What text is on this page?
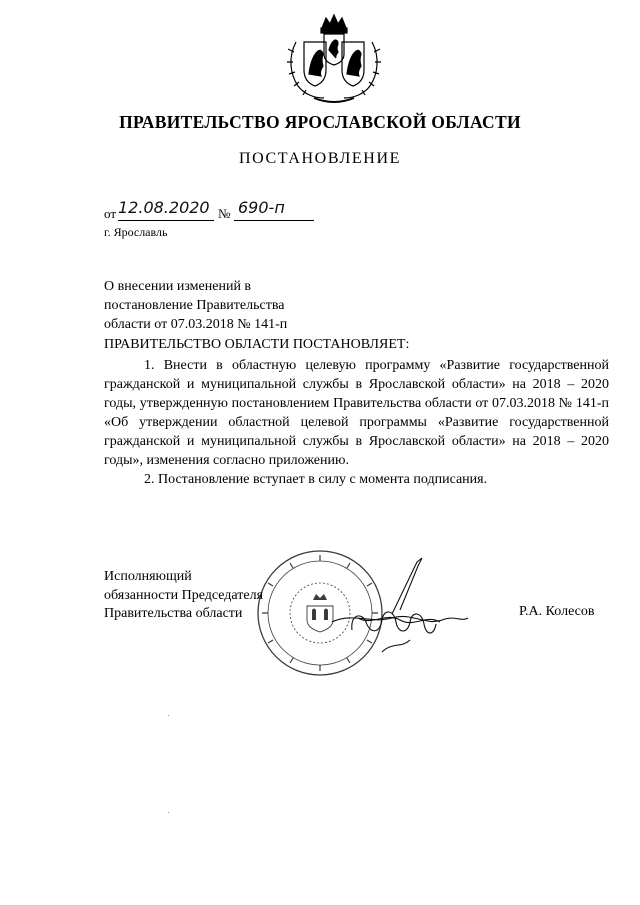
ПРАВИТЕЛЬСТВО ЯРОСЛАВСКОЙ ОБЛАСТИ
ПОСТАНОВЛЕНИЕ
от 12.08.2020 № 690-п
г. Ярославль
О внесении изменений в
постановление Правительства
области от 07.03.2018 № 141-п
ПРАВИТЕЛЬСТВО ОБЛАСТИ ПОСТАНОВЛЯЕТ:

1. Внести в областную целевую программу «Развитие государственной гражданской и муниципальной службы в Ярославской области» на 2018 – 2020 годы, утвержденную постановлением Правительства области от 07.03.2018 № 141-п «Об утверждении областной целевой программы «Развитие государственной гражданской и муниципальной службы в Ярославской области» на 2018 – 2020 годы», изменения согласно приложению.

2. Постановление вступает в силу с момента подписания.

Исполняющий
обязанности Председателя
Правительства области	Р.А. Колесов
